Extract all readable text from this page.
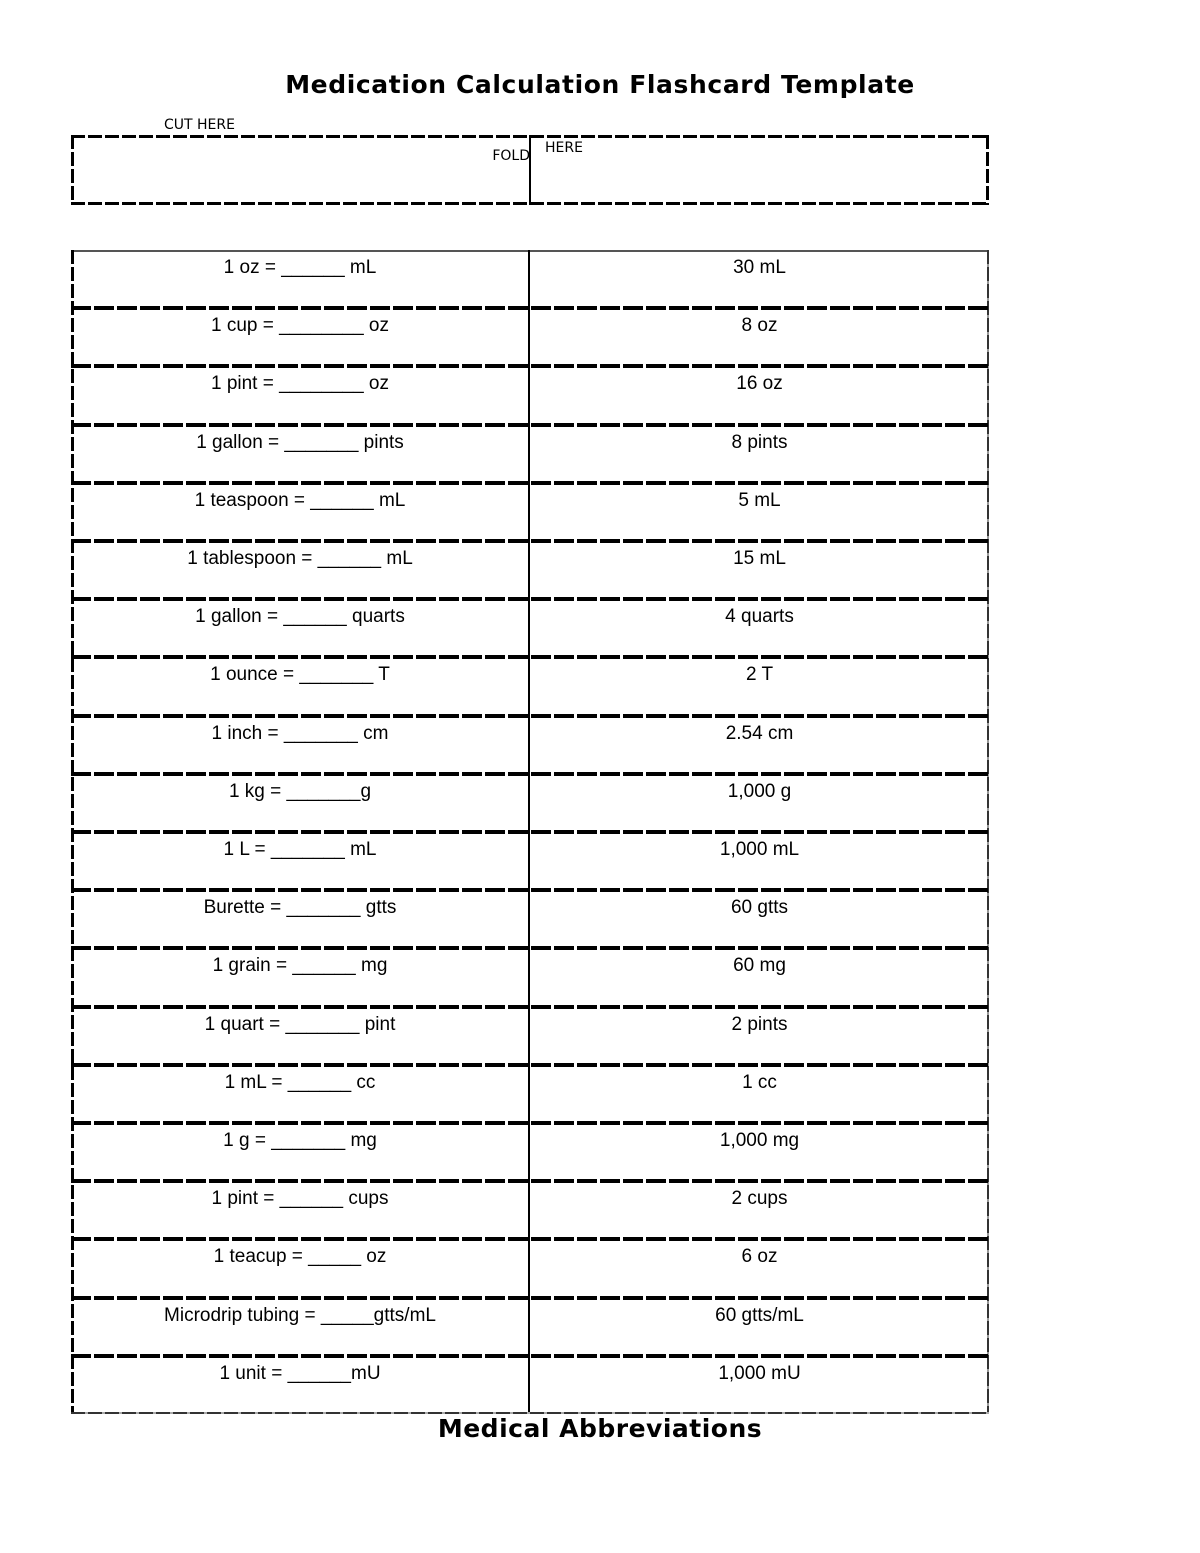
Medication Calculation Flashcard Template
CUT HERE
FOLD HERE
1 oz = ______ mL	30 mL
1 cup = ________ oz	8 oz
1 pint = ________ oz	16 oz
1 gallon = _______ pints	8 pints
1 teaspoon = ______ mL	5 mL
1 tablespoon = ______ mL	15 mL
1 gallon = ______ quarts	4 quarts
1 ounce = _______ T	2 T
1 inch = _______ cm	2.54 cm
1 kg = _______g	1,000 g
1 L = _______ mL	1,000 mL
Burette = _______ gtts	60 gtts
1 grain = ______ mg	60 mg
1 quart = _______ pint	2 pints
1 mL = ______ cc	1 cc
1 g = _______ mg	1,000 mg
1 pint = ______ cups	2 cups
1 teacup = _____ oz	6 oz
Microdrip tubing = _____gtts/mL	60 gtts/mL
1 unit = ______mU	1,000 mU
Medical Abbreviations
